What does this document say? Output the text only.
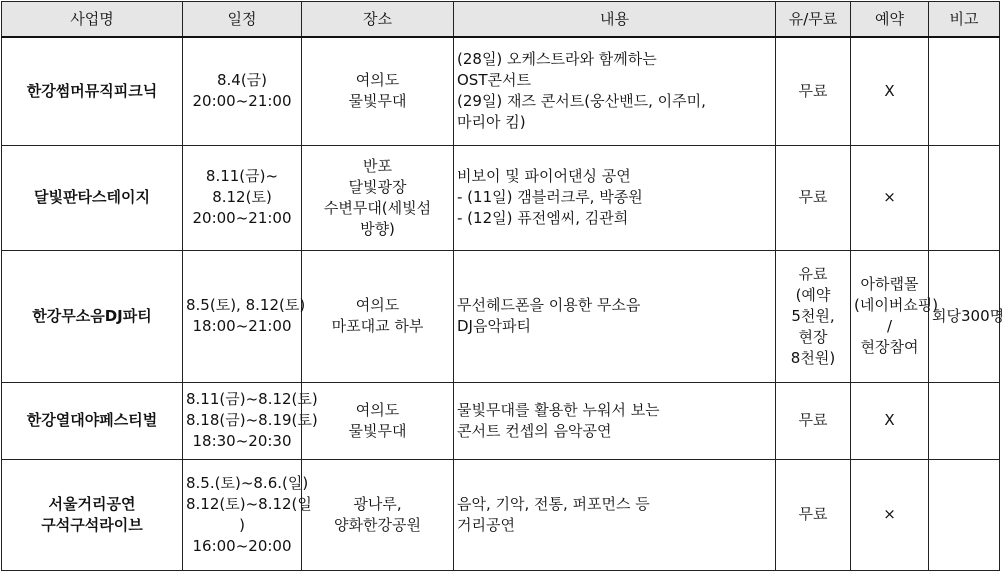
사업명	일정	장소	내용	유/무료	예약	비고

한강썸머뮤직피크닉	8.4(금)
20:00~21:00	여의도
물빛무대	(28일) 오케스트라와 함께하는
OST콘서트
(29일) 재즈 콘서트(웅산밴드, 이주미,
마리아 킴)	무료	X	

달빛판타스테이지	8.11(금)~
8.12(토)
20:00~21:00	반포
달빛광장
수변무대(세빛섬
방향)	비보이 및 파이어댄싱 공연
- (11일) 갬블러크루, 박종원
- (12일) 퓨전엠씨, 김관희	무료	×	

한강무소음DJ파티	8.5(토), 8.12(토)
18:00~21:00	여의도
마포대교 하부	무선헤드폰을 이용한 무소음
DJ음악파티	유료
(예약
5천원,
현장
8천원)	아하랩몰
(네이버쇼핑)
/
현장참여	회당300명

한강열대야페스티벌	8.11(금)~8.12(토)
8.18(금)~8.19(토)
18:30~20:30	여의도
물빛무대	물빛무대를 활용한 누워서 보는
콘서트 컨셉의 음악공연	무료	X	

서울거리공연
구석구석라이브	8.5.(토)~8.6.(일)
8.12(토)~8.12(일
)
16:00~20:00	광나루,
양화한강공원	음악, 기악, 전통, 퍼포먼스 등
거리공연	무료	×	
